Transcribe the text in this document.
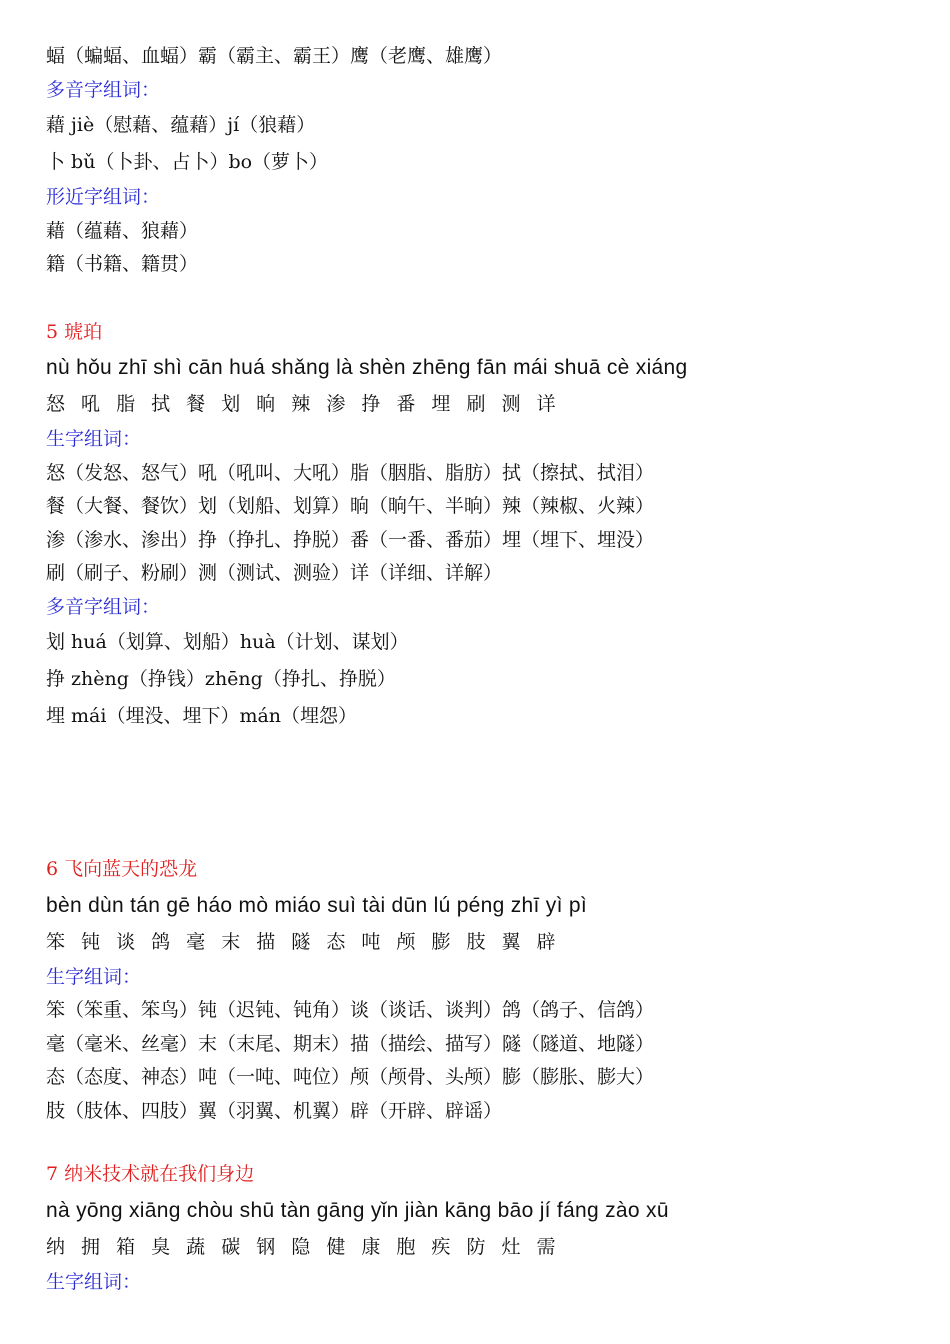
蝠（蝙蝠、血蝠）霸（霸主、霸王）鹰（老鹰、雄鹰）
多音字组词：
藉 jiè（慰藉、蕴藉）jí（狼藉）
卜 bǔ（卜卦、占卜）bo（萝卜）
形近字组词：
藉（蕴藉、狼藉）
籍（书籍、籍贯）
5 琥珀
nù hǒu zhī shì cān huá shǎng là shèn zhēng fān mái shuā cè xiáng
怒 吼 脂 拭 餐 划 晌 辣 渗 挣 番 埋 刷 测 详
生字组词：
怒（发怒、怒气）吼（吼叫、大吼）脂（胭脂、脂肪）拭（擦拭、拭泪）
餐（大餐、餐饮）划（划船、划算）晌（晌午、半晌）辣（辣椒、火辣）
渗（渗水、渗出）挣（挣扎、挣脱）番（一番、番茄）埋（埋下、埋没）
刷（刷子、粉刷）测（测试、测验）详（详细、详解）
多音字组词：
划 huá（划算、划船）huà（计划、谋划）
挣 zhèng（挣钱）zhēng（挣扎、挣脱）
埋 mái（埋没、埋下）mán（埋怨）
6 飞向蓝天的恐龙
bèn dùn tán gē háo mò miáo suì tài dūn lú péng zhī yì pì
笨 钝 谈 鸽 毫 末 描 隧 态 吨 颅 膨 肢 翼 辟
生字组词：
笨（笨重、笨鸟）钝（迟钝、钝角）谈（谈话、谈判）鸽（鸽子、信鸽）
毫（毫米、丝毫）末（末尾、期末）描（描绘、描写）隧（隧道、地隧）
态（态度、神态）吨（一吨、吨位）颅（颅骨、头颅）膨（膨胀、膨大）
肢（肢体、四肢）翼（羽翼、机翼）辟（开辟、辟谣）
7 纳米技术就在我们身边
nà yōng xiāng chòu shū tàn gāng yǐn jiàn kāng bāo jí fáng zào xū
纳 拥 箱 臭 蔬 碳 钢 隐 健 康 胞 疾 防 灶 需
生字组词：
